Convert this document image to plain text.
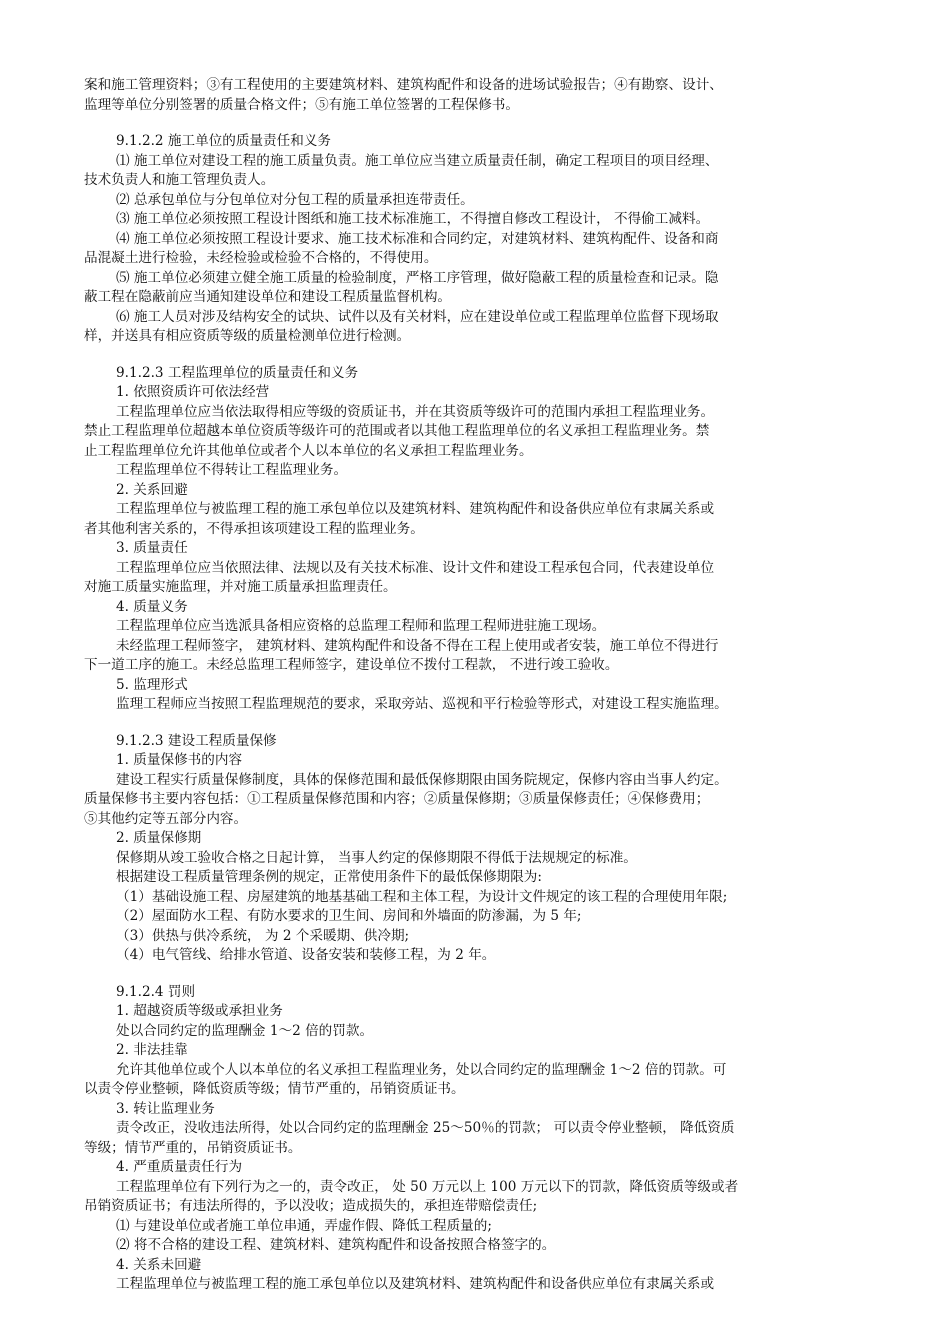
案和施工管理资料；③有工程使用的主要建筑材料、建筑构配件和设备的进场试验报告；④有勘察、设计、
监理等单位分别签署的质量合格文件；⑤有施工单位签署的工程保修书。
9.1.2.2 施工单位的质量责任和义务
⑴ 施工单位对建设工程的施工质量负责。施工单位应当建立质量责任制，确定工程项目的项目经理、
技术负责人和施工管理负责人。
⑵ 总承包单位与分包单位对分包工程的质量承担连带责任。
⑶ 施工单位必须按照工程设计图纸和施工技术标准施工，不得擅自修改工程设计， 不得偷工减料。
⑷ 施工单位必须按照工程设计要求、施工技术标准和合同约定，对建筑材料、建筑构配件、设备和商
品混凝土进行检验，未经检验或检验不合格的，不得使用。
⑸ 施工单位必须建立健全施工质量的检验制度，严格工序管理，做好隐蔽工程的质量检查和记录。隐
蔽工程在隐蔽前应当通知建设单位和建设工程质量监督机构。
⑹ 施工人员对涉及结构安全的试块、试件以及有关材料，应在建设单位或工程监理单位监督下现场取
样，并送具有相应资质等级的质量检测单位进行检测。
9.1.2.3 工程监理单位的质量责任和义务
1. 依照资质许可依法经营
工程监理单位应当依法取得相应等级的资质证书，并在其资质等级许可的范围内承担工程监理业务。
禁止工程监理单位超越本单位资质等级许可的范围或者以其他工程监理单位的名义承担工程监理业务。禁
止工程监理单位允许其他单位或者个人以本单位的名义承担工程监理业务。
工程监理单位不得转让工程监理业务。
2. 关系回避
工程监理单位与被监理工程的施工承包单位以及建筑材料、建筑构配件和设备供应单位有隶属关系或
者其他利害关系的，不得承担该项建设工程的监理业务。
3. 质量责任
工程监理单位应当依照法律、法规以及有关技术标准、设计文件和建设工程承包合同，代表建设单位
对施工质量实施监理，并对施工质量承担监理责任。
4. 质量义务
工程监理单位应当选派具备相应资格的总监理工程师和监理工程师进驻施工现场。
未经监理工程师签字， 建筑材料、建筑构配件和设备不得在工程上使用或者安装，施工单位不得进行
下一道工序的施工。未经总监理工程师签字，建设单位不拨付工程款， 不进行竣工验收。
5. 监理形式
监理工程师应当按照工程监理规范的要求，采取旁站、巡视和平行检验等形式，对建设工程实施监理。
9.1.2.3 建设工程质量保修
1. 质量保修书的内容
建设工程实行质量保修制度，具体的保修范围和最低保修期限由国务院规定，保修内容由当事人约定。
质量保修书主要内容包括：①工程质量保修范围和内容；②质量保修期；③质量保修责任；④保修费用；
⑤其他约定等五部分内容。
2. 质量保修期
保修期从竣工验收合格之日起计算， 当事人约定的保修期限不得低于法规规定的标准。
根据建设工程质量管理条例的规定，正常使用条件下的最低保修期限为:
（1）基础设施工程、房屋建筑的地基基础工程和主体工程，为设计文件规定的该工程的合理使用年限;
（2）屋面防水工程、有防水要求的卫生间、房间和外墙面的防渗漏，为 5 年;
（3）供热与供冷系统， 为 2 个采暖期、供冷期;
（4）电气管线、给排水管道、设备安装和装修工程，为 2 年。
9.1.2.4 罚则
1. 超越资质等级或承担业务
处以合同约定的监理酬金 1～2 倍的罚款。
2. 非法挂靠
允许其他单位或个人以本单位的名义承担工程监理业务，处以合同约定的监理酬金 1～2 倍的罚款。可
以责令停业整顿，降低资质等级；情节严重的，吊销资质证书。
3. 转让监理业务
责令改正，没收违法所得，处以合同约定的监理酬金 25～50％的罚款； 可以责令停业整顿， 降低资质
等级；情节严重的，吊销资质证书。
4. 严重质量责任行为
工程监理单位有下列行为之一的，责令改正， 处 50 万元以上 100 万元以下的罚款，降低资质等级或者
吊销资质证书；有违法所得的，予以没收；造成损失的，承担连带赔偿责任;
⑴ 与建设单位或者施工单位串通，弄虚作假、降低工程质量的;
⑵ 将不合格的建设工程、建筑材料、建筑构配件和设备按照合格签字的。
4. 关系未回避
工程监理单位与被监理工程的施工承包单位以及建筑材料、建筑构配件和设备供应单位有隶属关系或
